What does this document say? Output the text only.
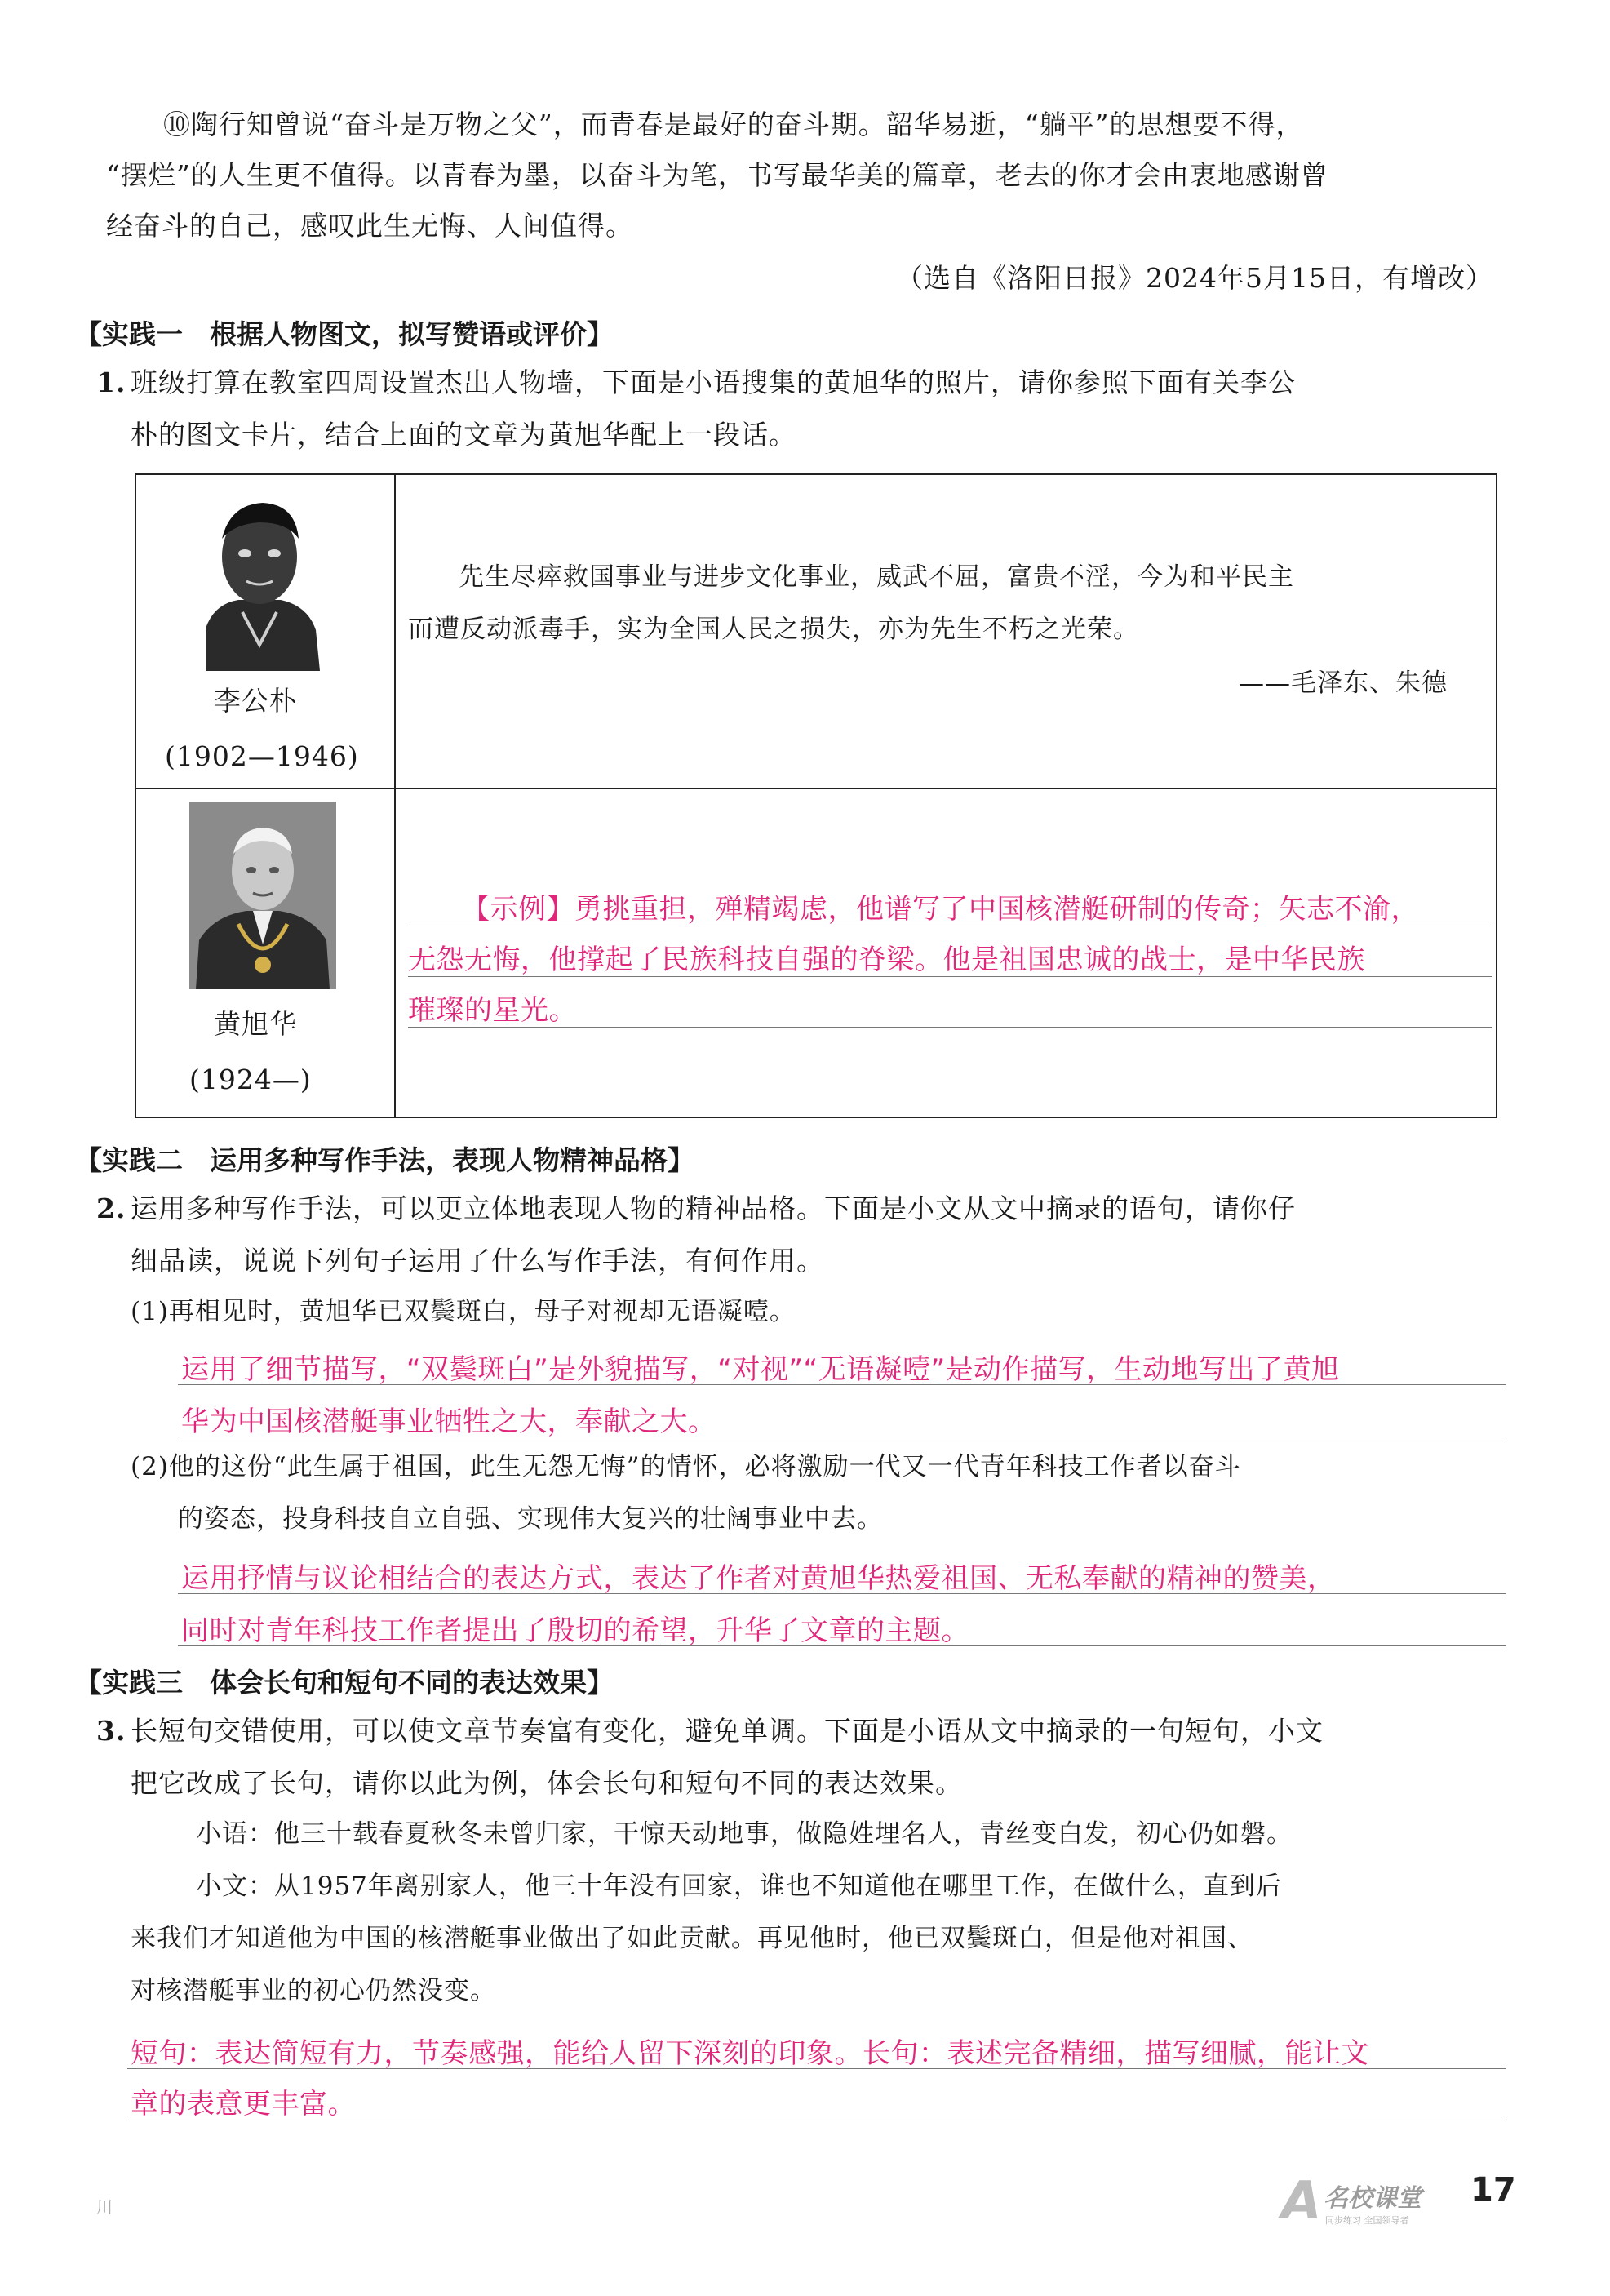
⑩陶行知曾说“奋斗是万物之父”，而青春是最好的奋斗期。韶华易逝，“躺平”的思想要不得，
“摆烂”的人生更不值得。以青春为墨，以奋斗为笔，书写最华美的篇章，老去的你才会由衷地感谢曾
经奋斗的自己，感叹此生无悔、人间值得。
（选自《洛阳日报》2024年5月15日，有增改）
【实践一　根据人物图文，拟写赞语或评价】
1. 班级打算在教室四周设置杰出人物墙，下面是小语搜集的黄旭华的照片，请你参照下面有关李公
朴的图文卡片，结合上面的文章为黄旭华配上一段话。
李公朴
(1902—1946)
先生尽瘁救国事业与进步文化事业，威武不屈，富贵不淫，今为和平民主
而遭反动派毒手，实为全国人民之损失，亦为先生不朽之光荣。
——毛泽东、朱德
黄旭华
(1924—)
【示例】勇挑重担，殚精竭虑，他谱写了中国核潜艇研制的传奇；矢志不渝，
无怨无悔，他撑起了民族科技自强的脊梁。他是祖国忠诚的战士，是中华民族
璀璨的星光。
【实践二　运用多种写作手法，表现人物精神品格】
2. 运用多种写作手法，可以更立体地表现人物的精神品格。下面是小文从文中摘录的语句，请你仔
细品读，说说下列句子运用了什么写作手法，有何作用。
(1)再相见时，黄旭华已双鬓斑白，母子对视却无语凝噎。
运用了细节描写，“双鬓斑白”是外貌描写，“对视”“无语凝噎”是动作描写，生动地写出了黄旭
华为中国核潜艇事业牺牲之大，奉献之大。
(2)他的这份“此生属于祖国，此生无怨无悔”的情怀，必将激励一代又一代青年科技工作者以奋斗
的姿态，投身科技自立自强、实现伟大复兴的壮阔事业中去。
运用抒情与议论相结合的表达方式，表达了作者对黄旭华热爱祖国、无私奉献的精神的赞美，
同时对青年科技工作者提出了殷切的希望，升华了文章的主题。
【实践三　体会长句和短句不同的表达效果】
3. 长短句交错使用，可以使文章节奏富有变化，避免单调。下面是小语从文中摘录的一句短句，小文
把它改成了长句，请你以此为例，体会长句和短句不同的表达效果。
小语：他三十载春夏秋冬未曾归家，干惊天动地事，做隐姓埋名人，青丝变白发，初心仍如磐。
小文：从1957年离别家人，他三十年没有回家，谁也不知道他在哪里工作，在做什么，直到后
来我们才知道他为中国的核潜艇事业做出了如此贡献。再见他时，他已双鬓斑白，但是他对祖国、
对核潜艇事业的初心仍然没变。
短句：表达简短有力，节奏感强，能给人留下深刻的印象。长句：表述完备精细，描写细腻，能让文
章的表意更丰富。
川	A 名校课堂
同步练习 全国领导者
17
